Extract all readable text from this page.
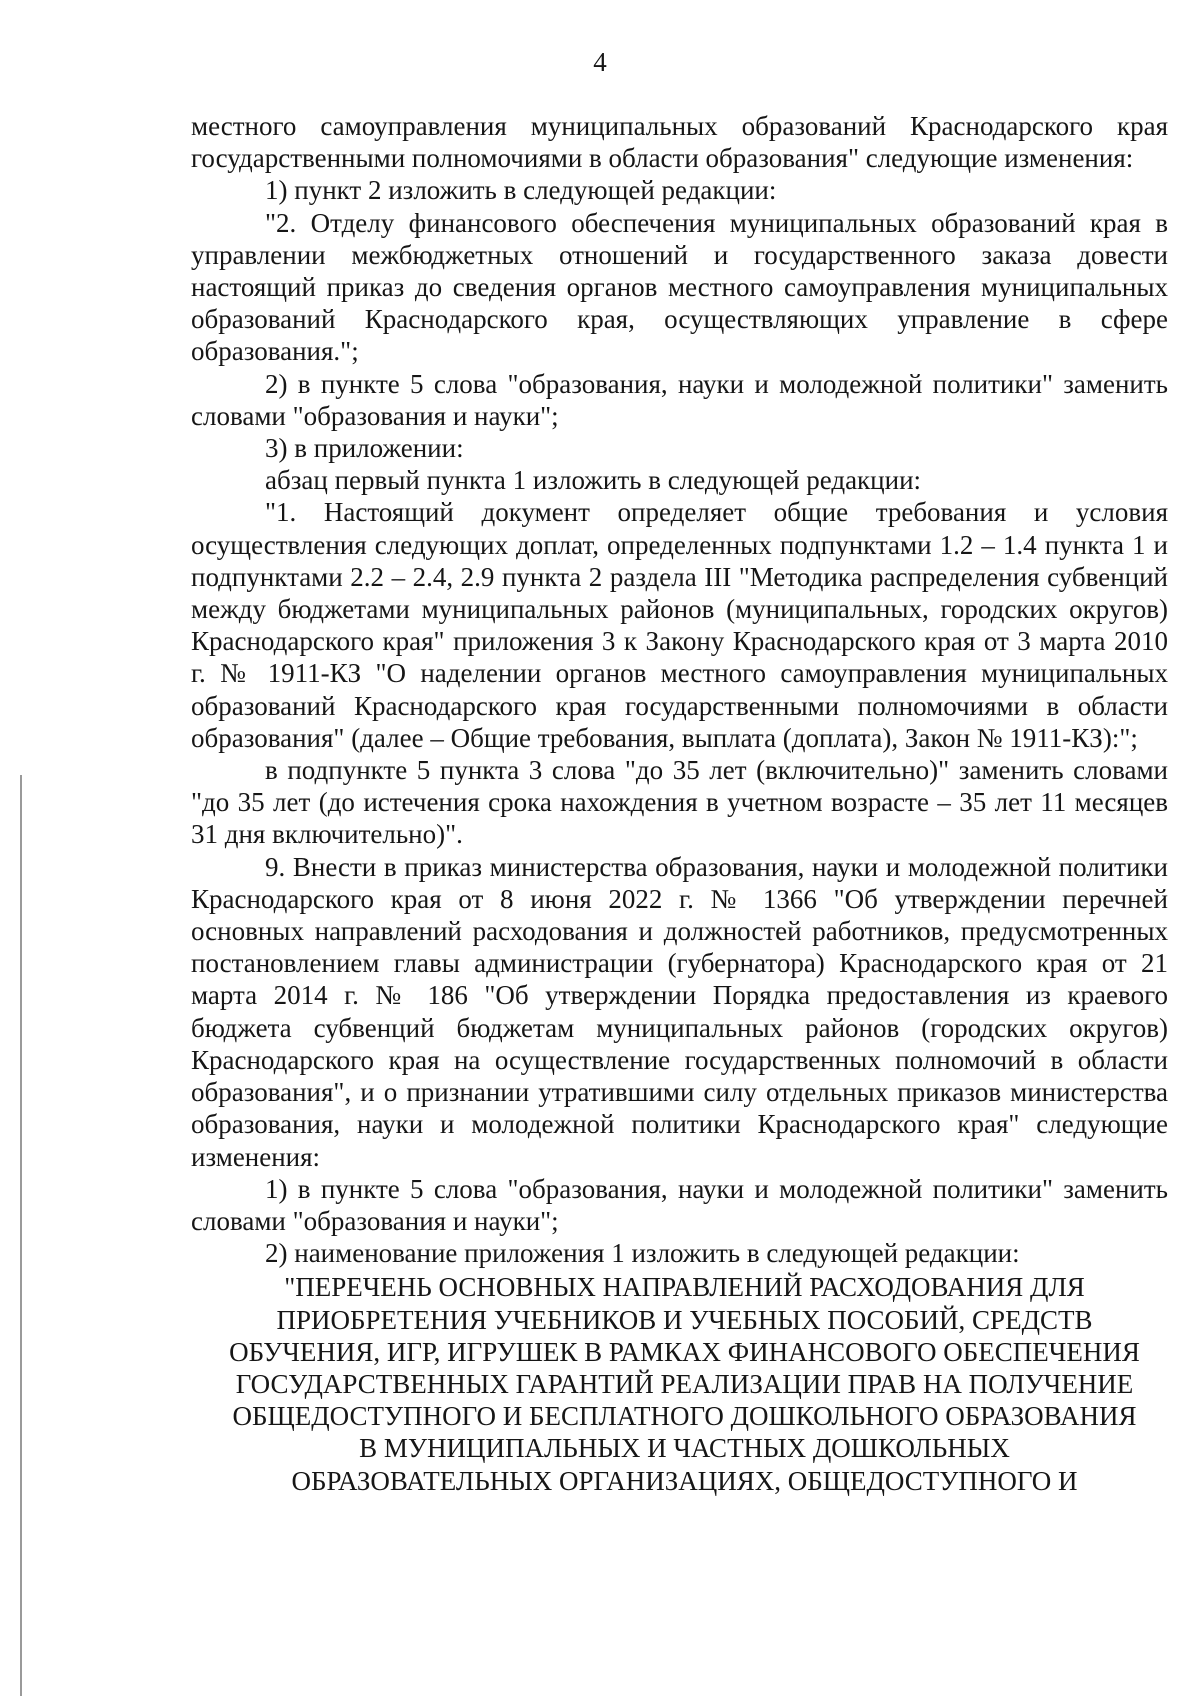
4

местного самоуправления муниципальных образований Краснодарского края государственными полномочиями в области образования" следующие изменения:

1) пункт 2 изложить в следующей редакции:

"2. Отделу финансового обеспечения муниципальных образований края в управлении межбюджетных отношений и государственного заказа довести настоящий приказ до сведения органов местного самоуправления муниципальных образований Краснодарского края, осуществляющих управление в сфере образования.";

2) в пункте 5 слова "образования, науки и молодежной политики" заменить словами "образования и науки";

3) в приложении:

абзац первый пункта 1 изложить в следующей редакции:

"1. Настоящий документ определяет общие требования и условия осуществления следующих доплат, определенных подпунктами 1.2 – 1.4 пункта 1 и подпунктами 2.2 – 2.4, 2.9 пункта 2 раздела III "Методика распределения субвенций между бюджетами муниципальных районов (муниципальных, городских округов) Краснодарского края" приложения 3 к Закону Краснодарского края от 3 марта 2010 г. № 1911-КЗ "О наделении органов местного самоуправления муниципальных образований Краснодарского края государственными полномочиями в области образования" (далее – Общие требования, выплата (доплата), Закон № 1911-КЗ):";

в подпункте 5 пункта 3 слова "до 35 лет (включительно)" заменить словами "до 35 лет (до истечения срока нахождения в учетном возрасте – 35 лет 11 месяцев 31 дня включительно)".

9. Внести в приказ министерства образования, науки и молодежной политики Краснодарского края от 8 июня 2022 г. № 1366 "Об утверждении перечней основных направлений расходования и должностей работников, предусмотренных постановлением главы администрации (губернатора) Краснодарского края от 21 марта 2014 г. № 186 "Об утверждении Порядка предоставления из краевого бюджета субвенций бюджетам муниципальных районов (городских округов) Краснодарского края на осуществление государственных полномочий в области образования", и о признании утратившими силу отдельных приказов министерства образования, науки и молодежной политики Краснодарского края" следующие изменения:

1) в пункте 5 слова "образования, науки и молодежной политики" заменить словами "образования и науки";

2) наименование приложения 1 изложить в следующей редакции:

"ПЕРЕЧЕНЬ ОСНОВНЫХ НАПРАВЛЕНИЙ РАСХОДОВАНИЯ ДЛЯ
ПРИОБРЕТЕНИЯ УЧЕБНИКОВ И УЧЕБНЫХ ПОСОБИЙ, СРЕДСТВ
ОБУЧЕНИЯ, ИГР, ИГРУШЕК В РАМКАХ ФИНАНСОВОГО ОБЕСПЕЧЕНИЯ
ГОСУДАРСТВЕННЫХ ГАРАНТИЙ РЕАЛИЗАЦИИ ПРАВ НА ПОЛУЧЕНИЕ
ОБЩЕДОСТУПНОГО И БЕСПЛАТНОГО ДОШКОЛЬНОГО ОБРАЗОВАНИЯ
В МУНИЦИПАЛЬНЫХ И ЧАСТНЫХ ДОШКОЛЬНЫХ
ОБРАЗОВАТЕЛЬНЫХ ОРГАНИЗАЦИЯХ, ОБЩЕДОСТУПНОГО И
